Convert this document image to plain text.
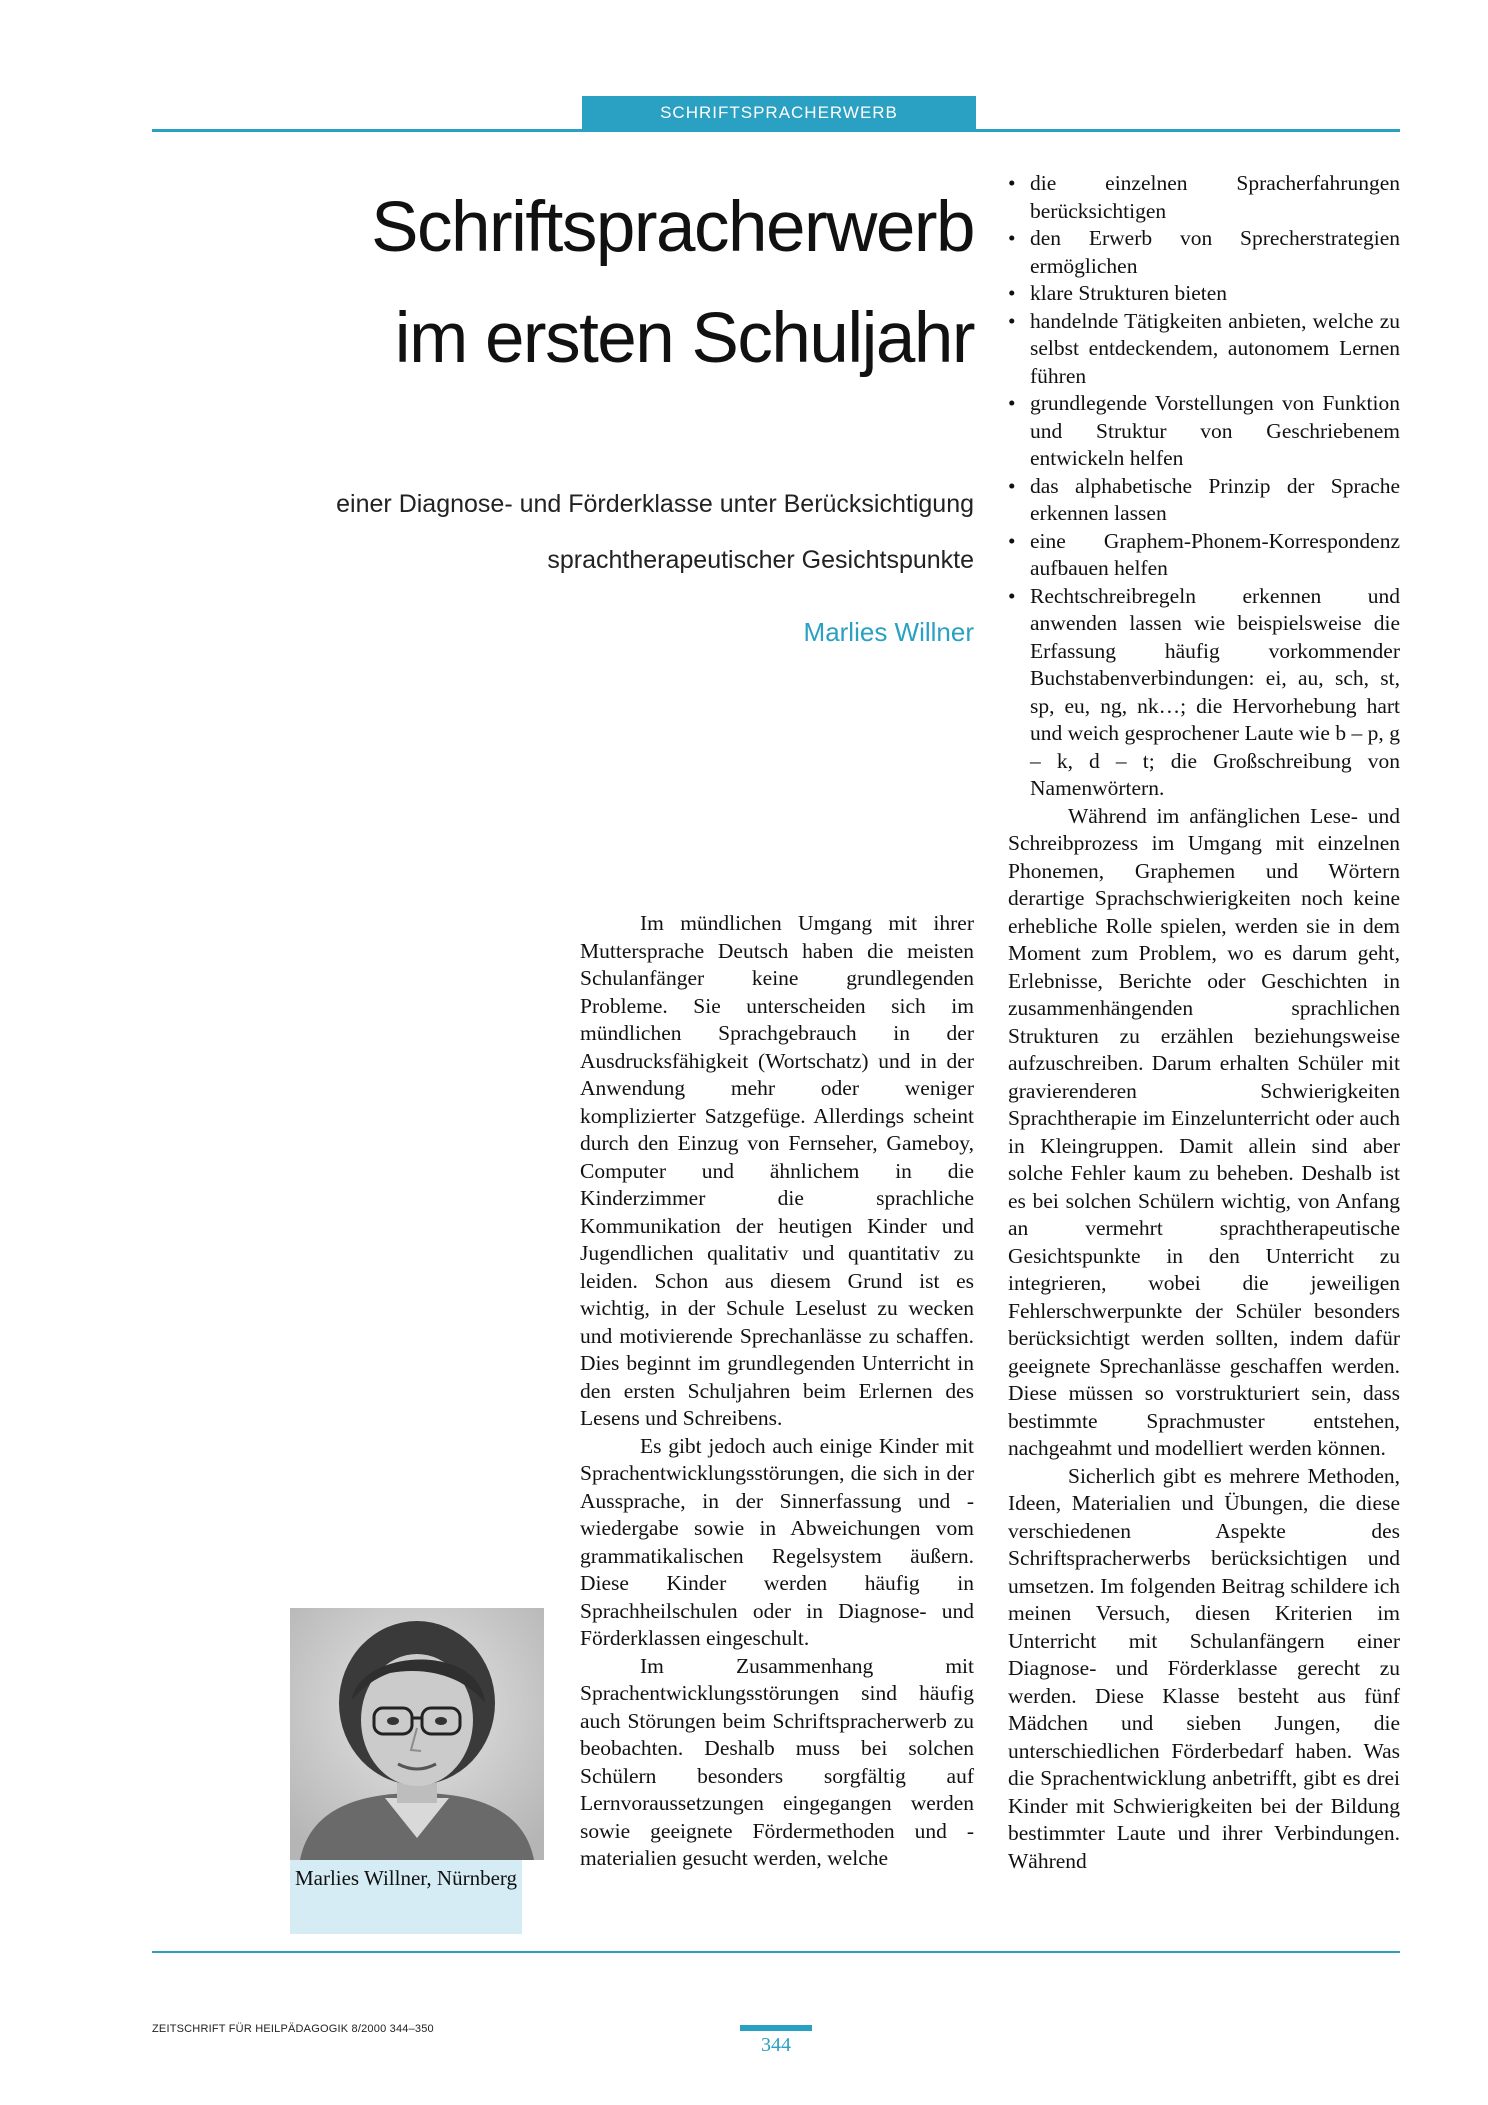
SCHRIFTSPRACHERWERB
Schriftspracherwerb
im ersten Schuljahr
einer Diagnose- und Förderklasse unter Berücksichtigung
sprachtherapeutischer Gesichtspunkte
Marlies Willner
Marlies Willner, Nürnberg

Im mündlichen Umgang mit ihrer Muttersprache Deutsch haben die meisten Schulanfänger keine grundlegenden Probleme. Sie unterscheiden sich im mündlichen Sprachgebrauch in der Ausdrucksfähigkeit (Wortschatz) und in der Anwendung mehr oder weniger komplizierter Satzgefüge. Allerdings scheint durch den Einzug von Fernseher, Gameboy, Computer und ähnlichem in die Kinderzimmer die sprachliche Kommunikation der heutigen Kinder und Jugendlichen qualitativ und quantitativ zu leiden. Schon aus diesem Grund ist es wichtig, in der Schule Leselust zu wecken und motivierende Sprechanlässe zu schaffen. Dies beginnt im grundlegenden Unterricht in den ersten Schuljahren beim Erlernen des Lesens und Schreibens.

Es gibt jedoch auch einige Kinder mit Sprachentwicklungsstörungen, die sich in der Aussprache, in der Sinnerfassung und -wiedergabe sowie in Abweichungen vom grammatikalischen Regelsystem äußern. Diese Kinder werden häufig in Sprachheilschulen oder in Diagnose- und Förderklassen eingeschult.

Im Zusammenhang mit Sprachentwicklungsstörungen sind häufig auch Störungen beim Schriftspracherwerb zu beobachten. Deshalb muss bei solchen Schülern besonders sorgfältig auf Lernvoraussetzungen eingegangen werden sowie geeignete Fördermethoden und -materialien gesucht werden, welche

• die einzelnen Spracherfahrungen berücksichtigen
• den Erwerb von Sprecherstrategien ermöglichen
• klare Strukturen bieten
• handelnde Tätigkeiten anbieten, welche zu selbst entdeckendem, autonomem Lernen führen
• grundlegende Vorstellungen von Funktion und Struktur von Geschriebenem entwickeln helfen
• das alphabetische Prinzip der Sprache erkennen lassen
• eine Graphem-Phonem-Korrespondenz aufbauen helfen
• Rechtschreibregeln erkennen und anwenden lassen wie beispielsweise die Erfassung häufig vorkommender Buchstabenverbindungen: ei, au, sch, st, sp, eu, ng, nk…; die Hervorhebung hart und weich gesprochener Laute wie b – p, g – k, d – t; die Großschreibung von Namenwörtern.

Während im anfänglichen Lese- und Schreibprozess im Umgang mit einzelnen Phonemen, Graphemen und Wörtern derartige Sprachschwierigkeiten noch keine erhebliche Rolle spielen, werden sie in dem Moment zum Problem, wo es darum geht, Erlebnisse, Berichte oder Geschichten in zusammenhängenden sprachlichen Strukturen zu erzählen beziehungsweise aufzuschreiben. Darum erhalten Schüler mit gravierenderen Schwierigkeiten Sprachtherapie im Einzelunterricht oder auch in Kleingruppen. Damit allein sind aber solche Fehler kaum zu beheben. Deshalb ist es bei solchen Schülern wichtig, von Anfang an vermehrt sprachtherapeutische Gesichtspunkte in den Unterricht zu integrieren, wobei die jeweiligen Fehlerschwerpunkte der Schüler besonders berücksichtigt werden sollten, indem dafür geeignete Sprechanlässe geschaffen werden. Diese müssen so vorstrukturiert sein, dass bestimmte Sprachmuster entstehen, nachgeahmt und modelliert werden können.

Sicherlich gibt es mehrere Methoden, Ideen, Materialien und Übungen, die diese verschiedenen Aspekte des Schriftspracherwerbs berücksichtigen und umsetzen. Im folgenden Beitrag schildere ich meinen Versuch, diesen Kriterien im Unterricht mit Schulanfängern einer Diagnose- und Förderklasse gerecht zu werden. Diese Klasse besteht aus fünf Mädchen und sieben Jungen, die unterschiedlichen Förderbedarf haben. Was die Sprachentwicklung anbetrifft, gibt es drei Kinder mit Schwierigkeiten bei der Bildung bestimmter Laute und ihrer Verbindungen. Während

ZEITSCHRIFT FÜR HEILPÄDAGOGIK 8/2000 344–350
344
